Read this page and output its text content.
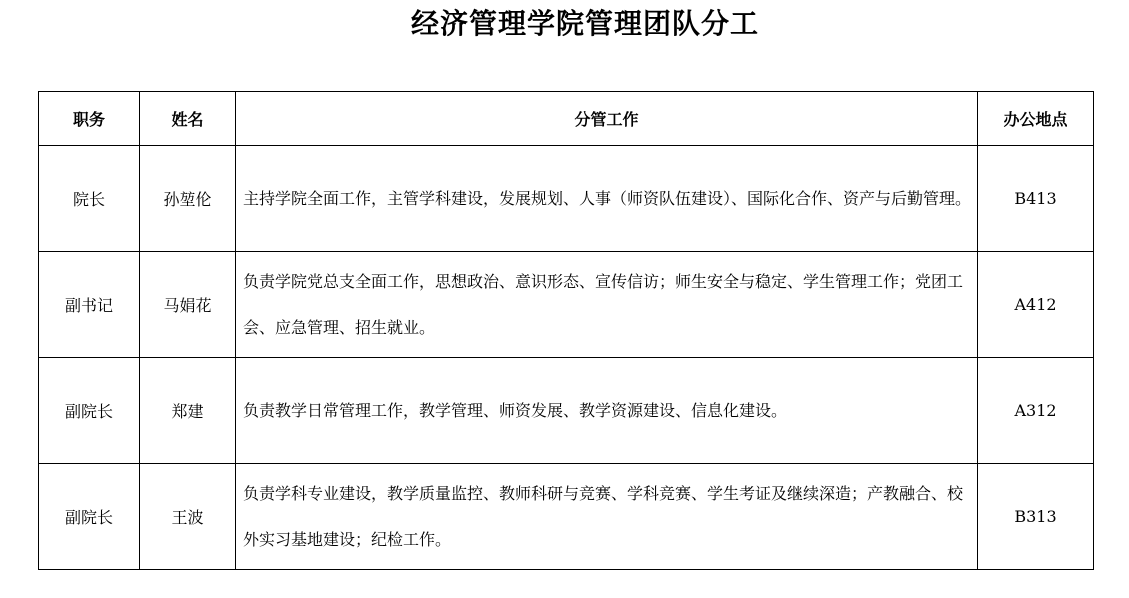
经济管理学院管理团队分工
职务	姓名	分管工作	办公地点
院长	孙堃伦	主持学院全面工作，主管学科建设，发展规划、人事（师资队伍建设）、国际化合作、资产与后勤管理。	B413
副书记	马娟花	负责学院党总支全面工作，思想政治、意识形态、宣传信访；师生安全与稳定、学生管理工作；党团工会、应急管理、招生就业。	A412
副院长	郑建	负责教学日常管理工作，教学管理、师资发展、教学资源建设、信息化建设。	A312
副院长	王波	负责学科专业建设，教学质量监控、教师科研与竞赛、学科竞赛、学生考证及继续深造；产教融合、校外实习基地建设；纪检工作。	B313
